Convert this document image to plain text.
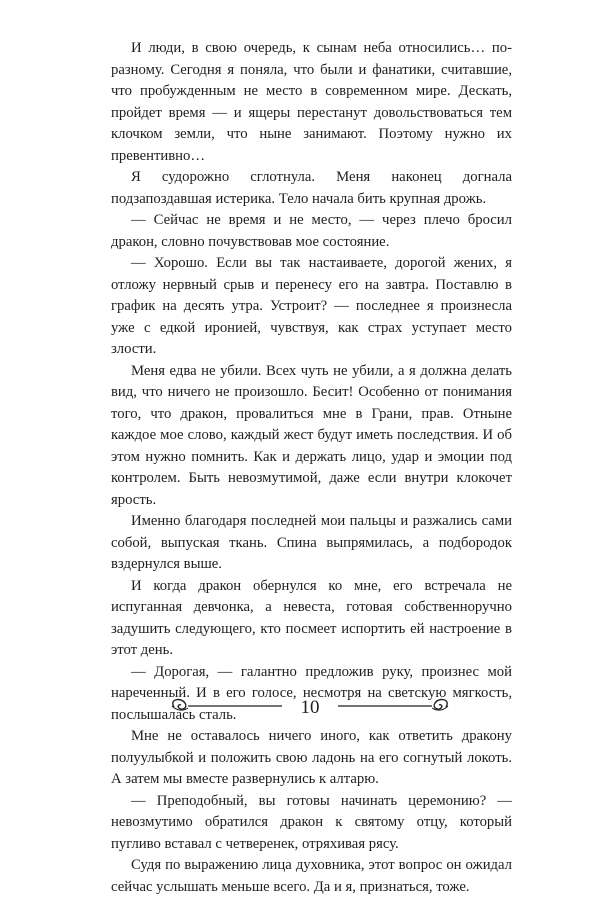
И люди, в свою очередь, к сынам неба относились… по-

разному. Сегодня я поняла, что были и фанатики, считавшие, что пробужденным не место в современном мире. Дескать, пройдет время — и ящеры перестанут довольствоваться тем клочком земли, что ныне занимают. Поэтому нужно их превентивно…

Я судорожно сглотнула. Меня наконец догнала подзапоздавшая истерика. Тело начала бить крупная дрожь.

— Сейчас не время и не место, — через плечо бросил дракон, словно почувствовав мое состояние.

— Хорошо. Если вы так настаиваете, дорогой жених, я отложу нервный срыв и перенесу его на завтра. Поставлю в график на десять утра. Устроит? — последнее я произнесла уже с едкой иронией, чувствуя, как страх уступает место злости.

Меня едва не убили. Всех чуть не убили, а я должна делать вид, что ничего не произошло. Бесит! Особенно от понимания того, что дракон, провалиться мне в Грани, прав. Отныне каждое мое слово, каждый жест будут иметь последствия. И об этом нужно помнить. Как и держать лицо, удар и эмоции под контролем. Быть невозмутимой, даже если внутри клокочет ярость.

Именно благодаря последней мои пальцы и разжались сами собой, выпуская ткань. Спина выпрямилась, а подбородок вздернулся выше.

И когда дракон обернулся ко мне, его встречала не испуганная девчонка, а невеста, готовая собственноручно задушить следующего, кто посмеет испортить ей настроение в этот день.

— Дорогая, — галантно предложив руку, произнес мой нареченный. И в его голосе, несмотря на светскую мягкость, послышалась сталь.

Мне не оставалось ничего иного, как ответить дракону полуулыбкой и положить свою ладонь на его согнутый локоть. А затем мы вместе развернулись к алтарю.

— Преподобный, вы готовы начинать церемонию? — невозмутимо обратился дракон к святому отцу, который пугливо вставал с четверенек, отряхивая рясу.

Судя по выражению лица духовника, этот вопрос он ожидал сейчас услышать меньше всего. Да и я, признаться, тоже.

10
